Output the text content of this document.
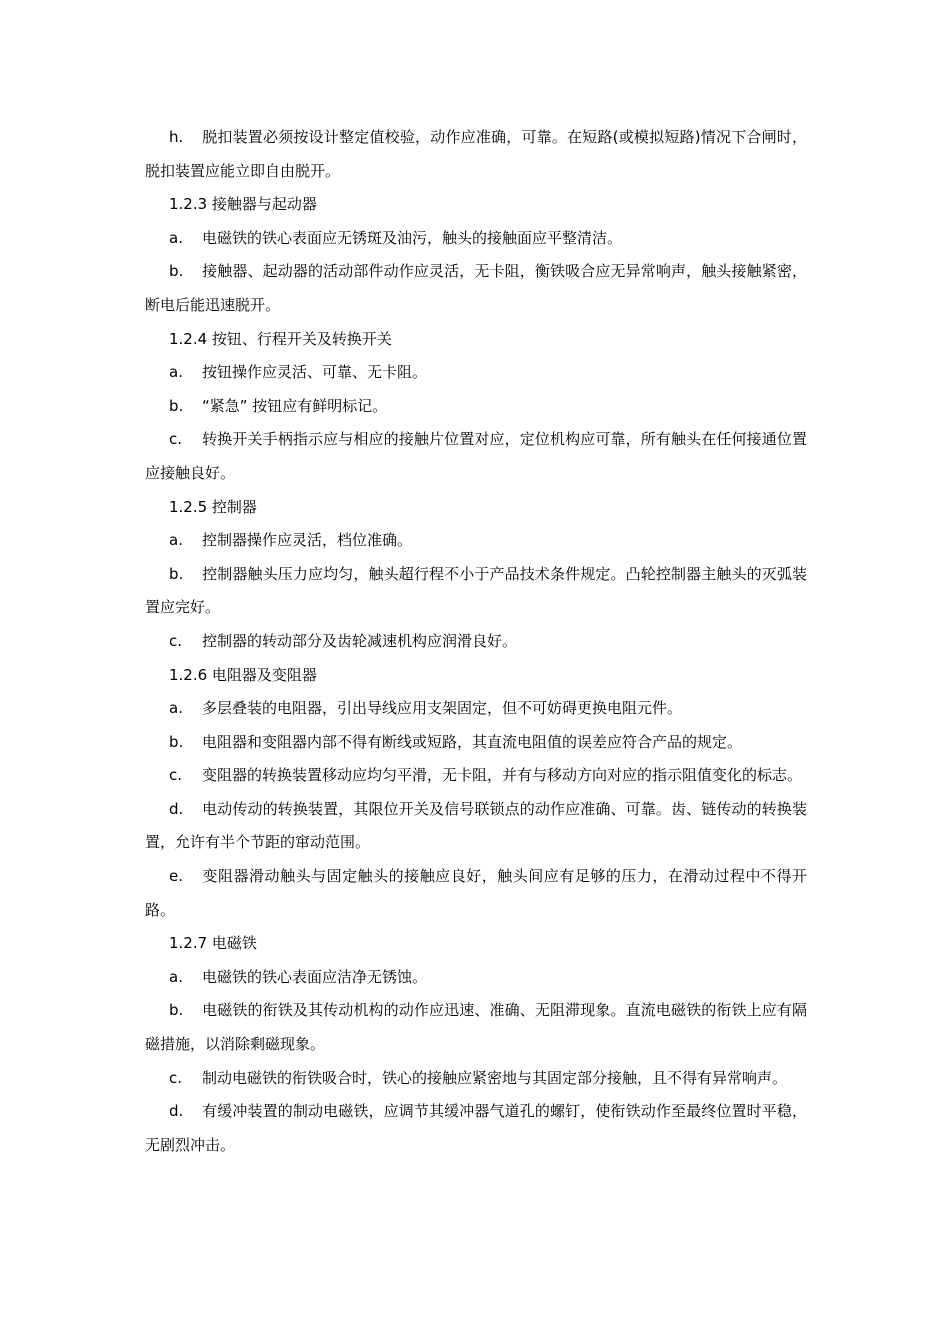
h. 脱扣装置必须按设计整定值校验，动作应准确，可靠。在短路(或模拟短路)情况下合闸时，脱扣装置应能立即自由脱开。

1.2.3 接触器与起动器

a. 电磁铁的铁心表面应无锈斑及油污，触头的接触面应平整清洁。

b. 接触器、起动器的活动部件动作应灵活，无卡阻，衡铁吸合应无异常响声，触头接触紧密，断电后能迅速脱开。

1.2.4 按钮、行程开关及转换开关

a. 按钮操作应灵活、可靠、无卡阻。

b. “紧急” 按钮应有鲜明标记。

c. 转换开关手柄指示应与相应的接触片位置对应，定位机构应可靠，所有触头在任何接通位置应接触良好。

1.2.5 控制器

a. 控制器操作应灵活，档位准确。

b. 控制器触头压力应均匀，触头超行程不小于产品技术条件规定。凸轮控制器主触头的灭弧装置应完好。

c. 控制器的转动部分及齿轮减速机构应润滑良好。

1.2.6 电阻器及变阻器

a. 多层叠装的电阻器，引出导线应用支架固定，但不可妨碍更换电阻元件。

b. 电阻器和变阻器内部不得有断线或短路，其直流电阻值的误差应符合产品的规定。

c. 变阻器的转换装置移动应均匀平滑，无卡阻，并有与移动方向对应的指示阻值变化的标志。

d. 电动传动的转换装置，其限位开关及信号联锁点的动作应准确、可靠。齿、链传动的转换装置，允许有半个节距的窜动范围。

e. 变阻器滑动触头与固定触头的接触应良好，触头间应有足够的压力，在滑动过程中不得开路。

1.2.7 电磁铁

a. 电磁铁的铁心表面应洁净无锈蚀。

b. 电磁铁的衔铁及其传动机构的动作应迅速、准确、无阻滞现象。直流电磁铁的衔铁上应有隔磁措施，以消除剩磁现象。

c. 制动电磁铁的衔铁吸合时，铁心的接触应紧密地与其固定部分接触，且不得有异常响声。

d. 有缓冲装置的制动电磁铁，应调节其缓冲器气道孔的螺钉，使衔铁动作至最终位置时平稳，无剧烈冲击。
